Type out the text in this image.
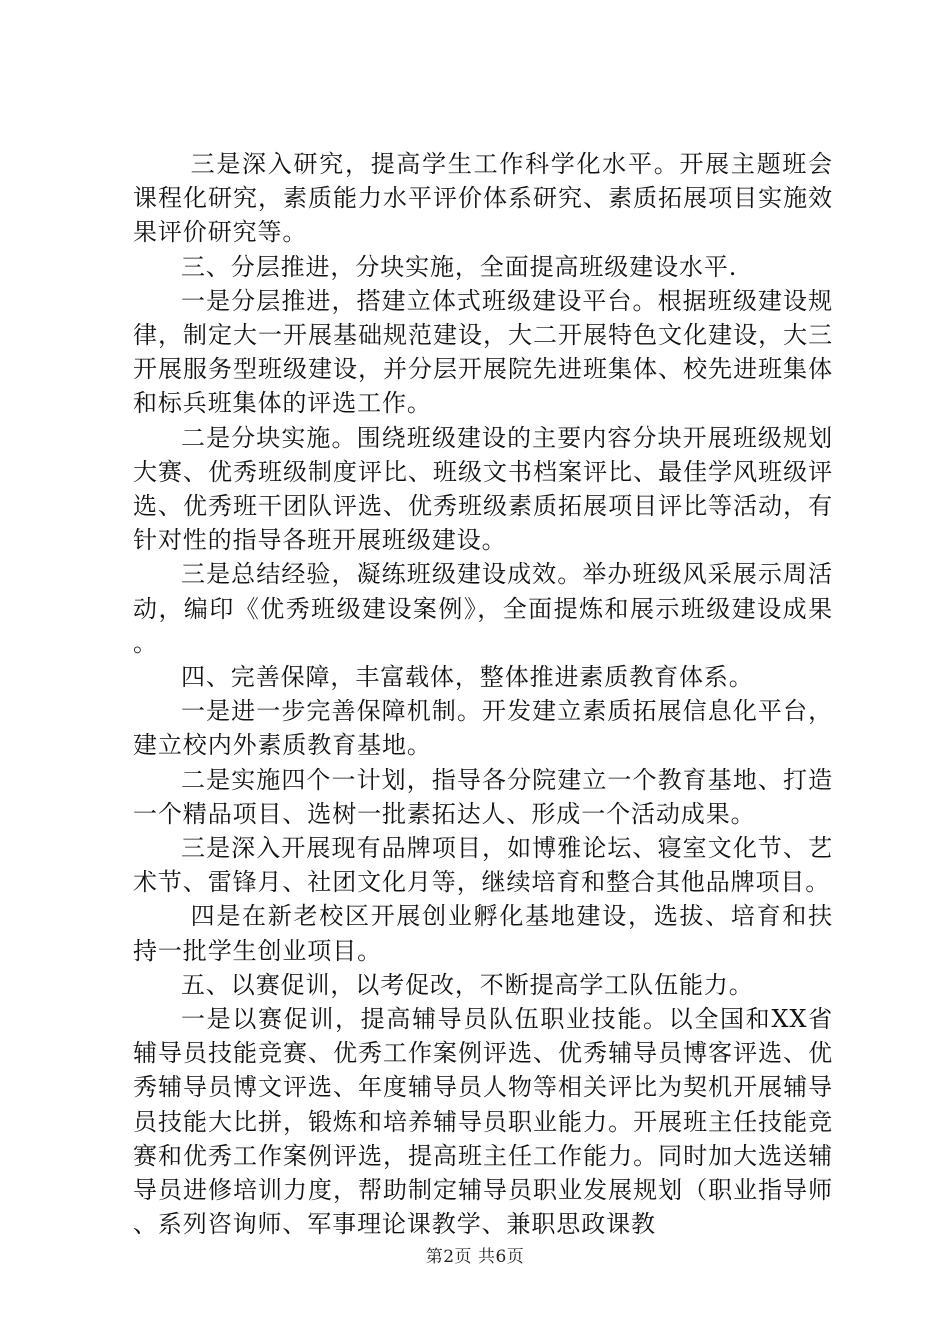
三是深入研究，提高学生工作科学化水平。开展主题班会课程化研究，素质能力水平评价体系研究、素质拓展项目实施效果评价研究等。

三、分层推进，分块实施，全面提高班级建设水平.

一是分层推进，搭建立体式班级建设平台。根据班级建设规律，制定大一开展基础规范建设，大二开展特色文化建设，大三开展服务型班级建设，并分层开展院先进班集体、校先进班集体和标兵班集体的评选工作。

二是分块实施。围绕班级建设的主要内容分块开展班级规划大赛、优秀班级制度评比、班级文书档案评比、最佳学风班级评选、优秀班干团队评选、优秀班级素质拓展项目评比等活动，有针对性的指导各班开展班级建设。

三是总结经验，凝练班级建设成效。举办班级风采展示周活动，编印《优秀班级建设案例》，全面提炼和展示班级建设成果。

四、完善保障，丰富载体，整体推进素质教育体系。

一是进一步完善保障机制。开发建立素质拓展信息化平台，建立校内外素质教育基地。

二是实施四个一计划，指导各分院建立一个教育基地、打造一个精品项目、选树一批素拓达人、形成一个活动成果。

三是深入开展现有品牌项目，如博雅论坛、寝室文化节、艺术节、雷锋月、社团文化月等，继续培育和整合其他品牌项目。

四是在新老校区开展创业孵化基地建设，选拔、培育和扶持一批学生创业项目。

五、以赛促训，以考促改，不断提高学工队伍能力。

一是以赛促训，提高辅导员队伍职业技能。以全国和XX省辅导员技能竞赛、优秀工作案例评选、优秀辅导员博客评选、优秀辅导员博文评选、年度辅导员人物等相关评比为契机开展辅导员技能大比拼，锻炼和培养辅导员职业能力。开展班主任技能竞赛和优秀工作案例评选，提高班主任工作能力。同时加大选送辅导员进修培训力度，帮助制定辅导员职业发展规划（职业指导师、系列咨询师、军事理论课教学、兼职思政课教

第2页 共6页
